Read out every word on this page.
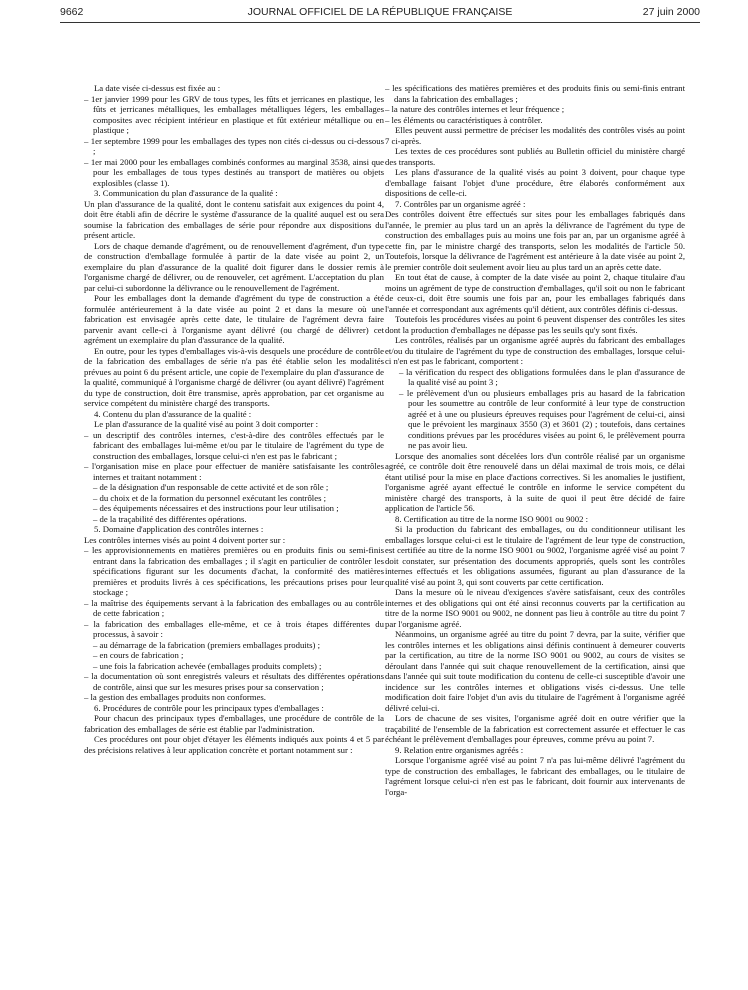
9662	JOURNAL OFFICIEL DE LA RÉPUBLIQUE FRANÇAISE	27 juin 2000

La date visée ci-dessus est fixée au :

– 1er janvier 1999 pour les GRV de tous types, les fûts et jerricanes en plastique, les fûts et jerricanes métalliques, les emballages métalliques légers, les emballages composites avec récipient intérieur en plastique et fût extérieur métallique ou en plastique ;

– 1er septembre 1999 pour les emballages des types non cités ci-dessus ou ci-dessous ;

– 1er mai 2000 pour les emballages combinés conformes au marginal 3538, ainsi que pour les emballages de tous types destinés au transport de matières ou objets explosibles (classe 1).

3. Communication du plan d'assurance de la qualité :

Un plan d'assurance de la qualité, dont le contenu satisfait aux exigences du point 4, doit être établi afin de décrire le système d'assurance de la qualité auquel est ou sera soumise la fabrication des emballages de série pour répondre aux dispositions du présent article.

Lors de chaque demande d'agrément, ou de renouvellement d'agrément, d'un type de construction d'emballage formulée à partir de la date visée au point 2, un exemplaire du plan d'assurance de la qualité doit figurer dans le dossier remis à l'organisme chargé de délivrer, ou de renouveler, cet agrément. L'acceptation du plan par celui-ci subordonne la délivrance ou le renouvellement de l'agrément.

Pour les emballages dont la demande d'agrément du type de construction a été formulée antérieurement à la date visée au point 2 et dans la mesure où une fabrication est envisagée après cette date, le titulaire de l'agrément devra faire parvenir avant celle-ci à l'organisme ayant délivré (ou chargé de délivrer) cet agrément un exemplaire du plan d'assurance de la qualité.

En outre, pour les types d'emballages vis-à-vis desquels une procédure de contrôle de la fabrication des emballages de série n'a pas été établie selon les modalités prévues au point 6 du présent article, une copie de l'exemplaire du plan d'assurance de la qualité, communiqué à l'organisme chargé de délivrer (ou ayant délivré) l'agrément du type de construction, doit être transmise, après approbation, par cet organisme au service compétent du ministère chargé des transports.

4. Contenu du plan d'assurance de la qualité :

Le plan d'assurance de la qualité visé au point 3 doit comporter :

– un descriptif des contrôles internes, c'est-à-dire des contrôles effectués par le fabricant des emballages lui-même et/ou par le titulaire de l'agrément du type de construction des emballages, lorsque celui-ci n'en est pas le fabricant ;

– l'organisation mise en place pour effectuer de manière satisfaisante les contrôles internes et traitant notamment :

– de la désignation d'un responsable de cette activité et de son rôle ;

– du choix et de la formation du personnel exécutant les contrôles ;

– des équipements nécessaires et des instructions pour leur utilisation ;

– de la traçabilité des différentes opérations.

5. Domaine d'application des contrôles internes :

Les contrôles internes visés au point 4 doivent porter sur :

– les approvisionnements en matières premières ou en produits finis ou semi-finis entrant dans la fabrication des emballages ; il s'agit en particulier de contrôler les spécifications figurant sur les documents d'achat, la conformité des matières premières et produits livrés à ces spécifications, les précautions prises pour leur stockage ;

– la maîtrise des équipements servant à la fabrication des emballages ou au contrôle de cette fabrication ;

– la fabrication des emballages elle-même, et ce à trois étapes différentes du processus, à savoir :

– au démarrage de la fabrication (premiers emballages produits) ;

– en cours de fabrication ;

– une fois la fabrication achevée (emballages produits complets) ;

– la documentation où sont enregistrés valeurs et résultats des différentes opérations de contrôle, ainsi que sur les mesures prises pour sa conservation ;

– la gestion des emballages produits non conformes.

6. Procédures de contrôle pour les principaux types d'emballages :

Pour chacun des principaux types d'emballages, une procédure de contrôle de la fabrication des emballages de série est établie par l'administration.

Ces procédures ont pour objet d'étayer les éléments indiqués aux points 4 et 5 par des précisions relatives à leur application concrète et portant notamment sur :

– les spécifications des matières premières et des produits finis ou semi-finis entrant dans la fabrication des emballages ;

– la nature des contrôles internes et leur fréquence ;

– les éléments ou caractéristiques à contrôler.

Elles peuvent aussi permettre de préciser les modalités des contrôles visés au point 7 ci-après.

Les textes de ces procédures sont publiés au Bulletin officiel du ministère chargé des transports.

Les plans d'assurance de la qualité visés au point 3 doivent, pour chaque type d'emballage faisant l'objet d'une procédure, être élaborés conformément aux dispositions de celle-ci.

7. Contrôles par un organisme agréé :

Des contrôles doivent être effectués sur sites pour les emballages fabriqués dans l'année, le premier au plus tard un an après la délivrance de l'agrément du type de construction des emballages puis au moins une fois par an, par un organisme agréé à cette fin, par le ministre chargé des transports, selon les modalités de l'article 50. Toutefois, lorsque la délivrance de l'agrément est antérieure à la date visée au point 2, le premier contrôle doit seulement avoir lieu au plus tard un an après cette date.

En tout état de cause, à compter de la date visée au point 2, chaque titulaire d'au moins un agrément de type de construction d'emballages, qu'il soit ou non le fabricant de ceux-ci, doit être soumis une fois par an, pour les emballages fabriqués dans l'année et correspondant aux agréments qu'il détient, aux contrôles définis ci-dessus.

Toutefois les procédures visées au point 6 peuvent dispenser des contrôles les sites dont la production d'emballages ne dépasse pas les seuils qu'y sont fixés.

Les contrôles, réalisés par un organisme agréé auprès du fabricant des emballages et/ou du titulaire de l'agrément du type de construction des emballages, lorsque celui-ci n'en est pas le fabricant, comportent :

– la vérification du respect des obligations formulées dans le plan d'assurance de la qualité visé au point 3 ;

– le prélèvement d'un ou plusieurs emballages pris au hasard de la fabrication pour les soumettre au contrôle de leur conformité à leur type de construction agréé et à une ou plusieurs épreuves requises pour l'agrément de celui-ci, ainsi que le prévoient les marginaux 3550 (3) et 3601 (2) ; toutefois, dans certaines conditions prévues par les procédures visées au point 6, le prélèvement pourra ne pas avoir lieu.

Lorsque des anomalies sont décelées lors d'un contrôle réalisé par un organisme agréé, ce contrôle doit être renouvelé dans un délai maximal de trois mois, ce délai étant utilisé pour la mise en place d'actions correctives. Si les anomalies le justifient, l'organisme agréé ayant effectué le contrôle en informe le service compétent du ministère chargé des transports, à la suite de quoi il peut être décidé de faire application de l'article 56.

8. Certification au titre de la norme ISO 9001 ou 9002 :

Si la production du fabricant des emballages, ou du conditionneur utilisant les emballages lorsque celui-ci est le titulaire de l'agrément de leur type de construction, est certifiée au titre de la norme ISO 9001 ou 9002, l'organisme agréé visé au point 7 doit constater, sur présentation des documents appropriés, quels sont les contrôles internes effectués et les obligations assumées, figurant au plan d'assurance de la qualité visé au point 3, qui sont couverts par cette certification.

Dans la mesure où le niveau d'exigences s'avère satisfaisant, ceux des contrôles internes et des obligations qui ont été ainsi reconnus couverts par la certification au titre de la norme ISO 9001 ou 9002, ne donnent pas lieu à contrôle au titre du point 7 par l'organisme agréé.

Néanmoins, un organisme agréé au titre du point 7 devra, par la suite, vérifier que les contrôles internes et les obligations ainsi définis continuent à demeurer couverts par la certification, au titre de la norme ISO 9001 ou 9002, au cours de visites se déroulant dans l'année qui suit chaque renouvellement de la certification, ainsi que dans l'année qui suit toute modification du contenu de celle-ci susceptible d'avoir une incidence sur les contrôles internes et obligations visés ci-dessus. Une telle modification doit faire l'objet d'un avis du titulaire de l'agrément à l'organisme agréé délivré celui-ci.

Lors de chacune de ses visites, l'organisme agréé doit en outre vérifier que la traçabilité de l'ensemble de la fabrication est correctement assurée et effectuer le cas échéant le prélèvement d'emballages pour épreuves, comme prévu au point 7.

9. Relation entre organismes agréés :

Lorsque l'organisme agréé visé au point 7 n'a pas lui-même délivré l'agrément du type de construction des emballages, le fabricant des emballages, ou le titulaire de l'agrément lorsque celui-ci n'en est pas le fabricant, doit fournir aux intervenants de l'orga-
